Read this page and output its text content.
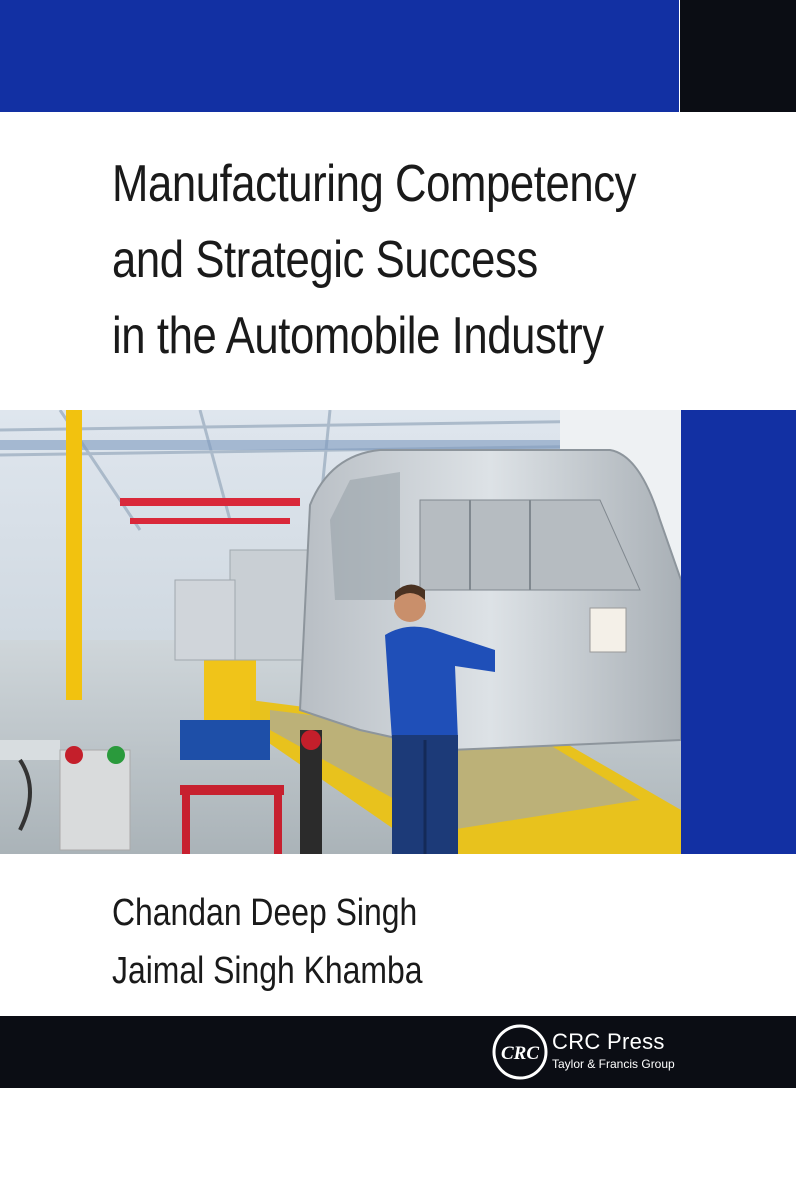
Manufacturing Competency
and Strategic Success
in the Automobile Industry
Chandan Deep Singh
Jaimal Singh Khamba
CRC CRC Press
Taylor & Francis Group
